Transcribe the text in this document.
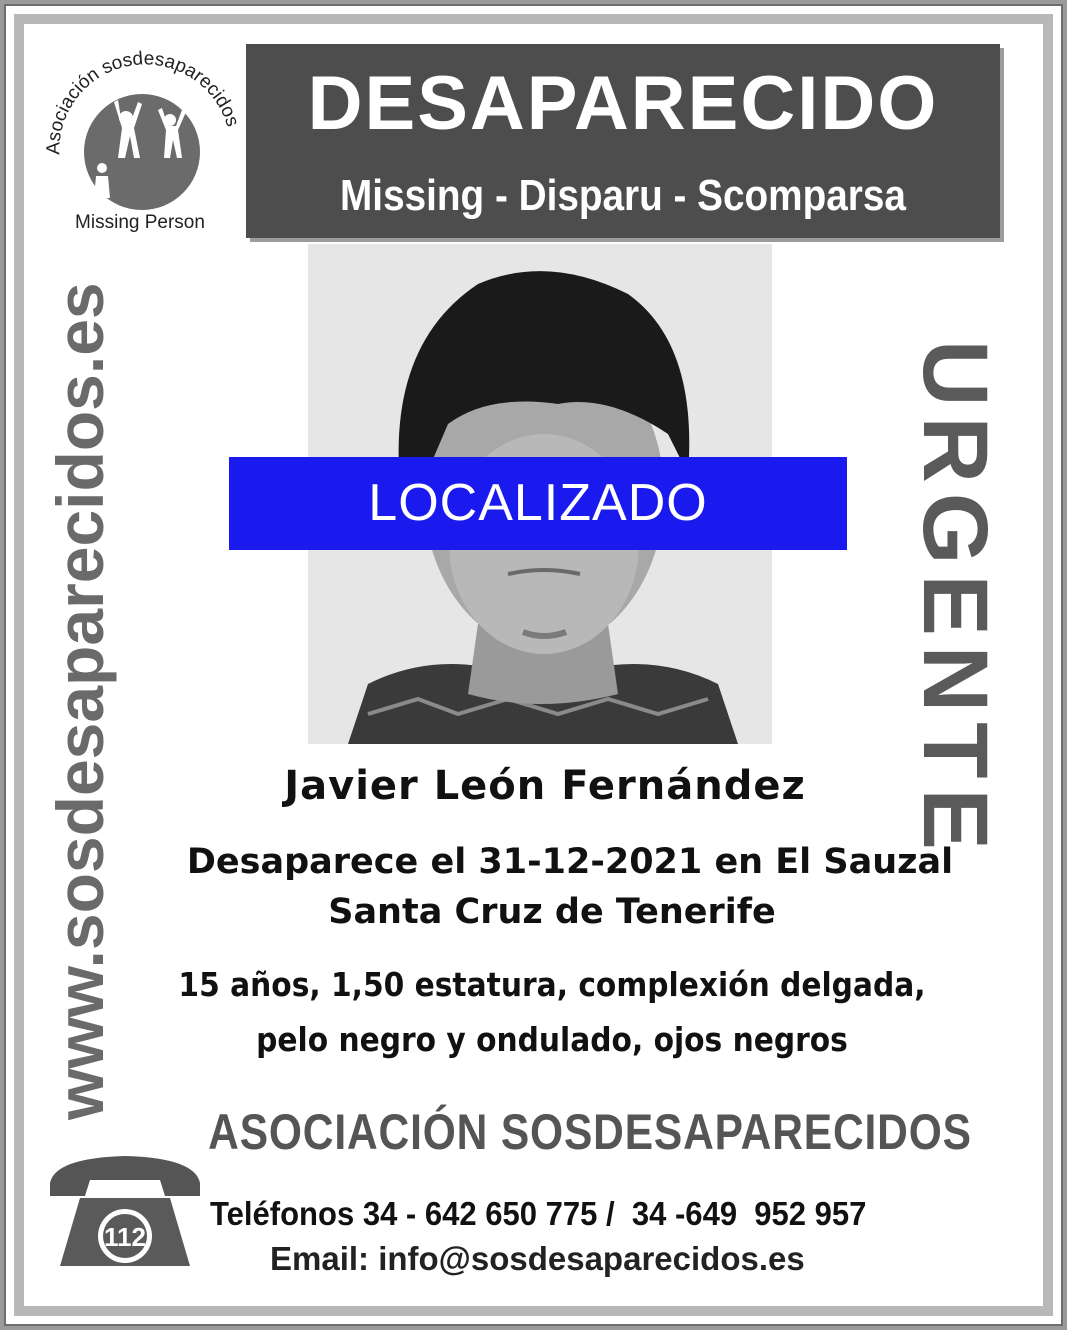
Asociación sosdesaparecidos
Missing Person
DESAPARECIDO
Missing - Disparu - Scomparsa
www.sosdesaparecidos.es	URGENTE
LOCALIZADO
Javier León Fernández
Desaparece el 31-12-2021 en El Sauzal
Santa Cruz de Tenerife
15 años, 1,50 estatura, complexión delgada,
pelo negro y ondulado, ojos negros
ASOCIACIÓN SOSDESAPARECIDOS
112
Teléfonos 34 - 642 650 775 /  34 -649  952 957
Email: info@sosdesaparecidos.es
